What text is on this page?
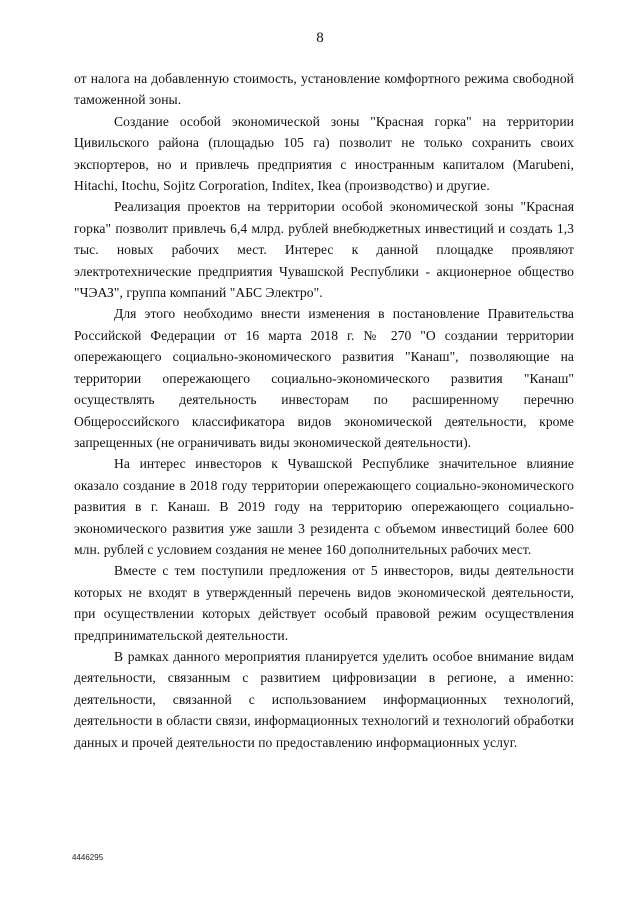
8

от налога на добавленную стоимость, установление комфортного режима свободной таможенной зоны.

Создание особой экономической зоны "Красная горка" на территории Цивильского района (площадью 105 га) позволит не только сохранить своих экспортеров, но и привлечь предприятия с иностранным капиталом (Marubeni, Hitachi, Itochu, Sojitz Corporation, Inditex, Ikea (производство) и другие.

Реализация проектов на территории особой экономической зоны "Красная горка" позволит привлечь 6,4 млрд. рублей внебюджетных инвестиций и создать 1,3 тыс. новых рабочих мест. Интерес к данной площадке проявляют электротехнические предприятия Чувашской Республики - акционерное общество "ЧЭАЗ", группа компаний "АБС Электро".

Для этого необходимо внести изменения в постановление Правительства Российской Федерации от 16 марта 2018 г. № 270 "О создании территории опережающего социально-экономического развития "Канаш", позволяющие на территории опережающего социально-экономического развития "Канаш" осуществлять деятельность инвесторам по расширенному перечню Общероссийского классификатора видов экономической деятельности, кроме запрещенных (не ограничивать виды экономической деятельности).

На интерес инвесторов к Чувашской Республике значительное влияние оказало создание в 2018 году территории опережающего социально-экономического развития в г. Канаш. В 2019 году на территорию опережающего социально-экономического развития уже зашли 3 резидента с объемом инвестиций более 600 млн. рублей с условием создания не менее 160 дополнительных рабочих мест.

Вместе с тем поступили предложения от 5 инвесторов, виды деятельности которых не входят в утвержденный перечень видов экономической деятельности, при осуществлении которых действует особый правовой режим осуществления предпринимательской деятельности.

В рамках данного мероприятия планируется уделить особое внимание видам деятельности, связанным с развитием цифровизации в регионе, а именно: деятельности, связанной с использованием информационных технологий, деятельности в области связи, информационных технологий и технологий обработки данных и прочей деятельности по предоставлению информационных услуг.

4446295
